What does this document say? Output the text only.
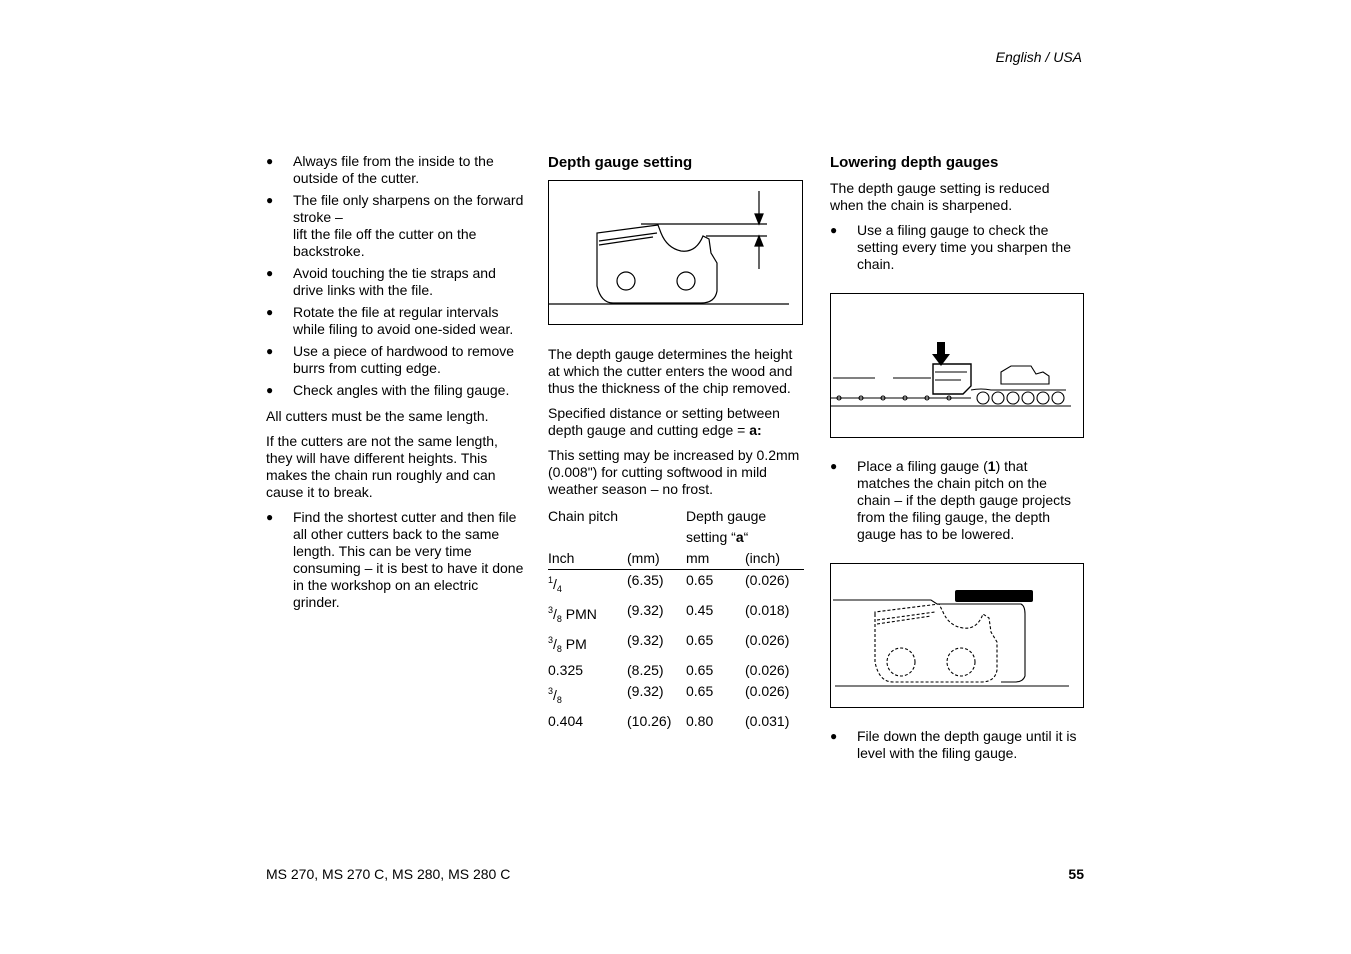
English / USA
● Always file from the inside to the outside of the cutter.
● The file only sharpens on the forward stroke –
lift the file off the cutter on the backstroke.
● Avoid touching the tie straps and drive links with the file.
● Rotate the file at regular intervals while filing to avoid one-sided wear.
● Use a piece of hardwood to remove burrs from cutting edge.
● Check angles with the filing gauge.

All cutters must be the same length.

If the cutters are not the same length, they will have different heights. This makes the chain run roughly and can cause it to break.

● Find the shortest cutter and then file all other cutters back to the same length. This can be very time consuming – it is best to have it done in the workshop on an electric grinder.
Depth gauge setting

The depth gauge determines the height at which the cutter enters the wood and thus the thickness of the chip removed.

Specified distance or setting between depth gauge and cutting edge = a:

This setting may be increased by 0.2mm (0.008") for cutting softwood in mild weather season – no frost.

Chain pitch		Depth gauge	
		setting “a“	
Inch	(mm)	mm	(inch)
$^1/_4$	(6.35)	0.65	(0.026)
$^3/_8$ PMN	(9.32)	0.45	(0.018)
$^3/_8$ PM	(9.32)	0.65	(0.026)
0.325	(8.25)	0.65	(0.026)
$^3/_8$	(9.32)	0.65	(0.026)
0.404	(10.26)	0.80	(0.031)
Lowering depth gauges

The depth gauge setting is reduced when the chain is sharpened.

● Use a filing gauge to check the setting every time you sharpen the chain.
● Place a filing gauge (1) that matches the chain pitch on the chain – if the depth gauge projects from the filing gauge, the depth gauge has to be lowered.
● File down the depth gauge until it is level with the filing gauge.
MS 270, MS 270 C, MS 280, MS 280 C	55
